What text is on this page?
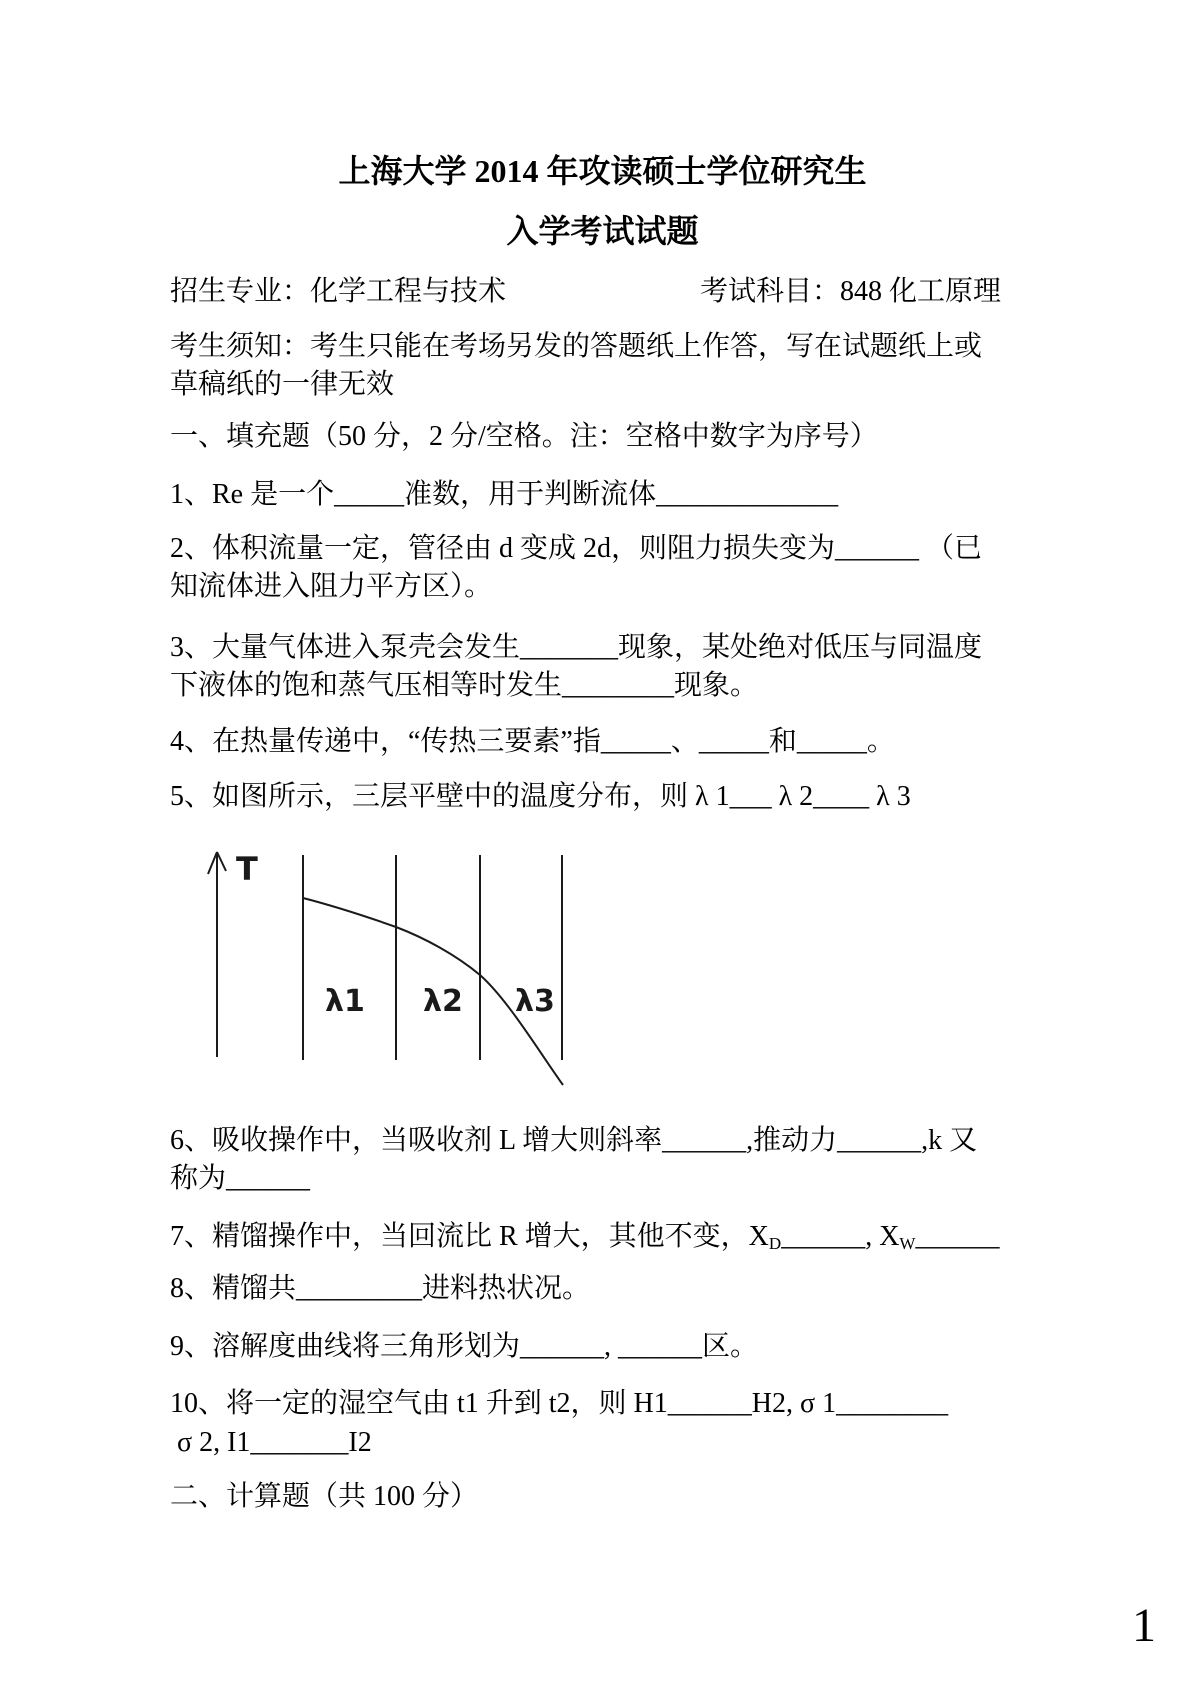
上海大学 2014 年攻读硕士学位研究生
入学考试试题
招生专业：化学工程与技术	考试科目：848 化工原理
考生须知：考生只能在考场另发的答题纸上作答，写在试题纸上或
草稿纸的一律无效
一、填充题（50 分，2 分/空格。注：空格中数字为序号）
1、Re 是一个_____准数，用于判断流体_____________
2、体积流量一定，管径由 d 变成 2d，则阻力损失变为______ （已
知流体进入阻力平方区）。
3、大量气体进入泵壳会发生_______现象，某处绝对低压与同温度
下液体的饱和蒸气压相等时发生________现象。
4、在热量传递中，“传热三要素”指_____、_____和_____。
5、如图所示，三层平壁中的温度分布，则 λ 1___ λ 2____ λ 3
T
λ1 λ2 λ3
6、吸收操作中，当吸收剂 L 增大则斜率______,推动力______,k 又
称为______
7、精馏操作中，当回流比 R 增大，其他不变，$X_D\_\_\_\_\_\_$, $X_W\_\_\_\_\_\_$
8、精馏共_________进料热状况。
9、溶解度曲线将三角形划为______, ______区。
10、将一定的湿空气由 t1 升到 t2，则 H1______H2, σ 1________
σ 2, I1_______I2
二、计算题（共 100 分）
1
